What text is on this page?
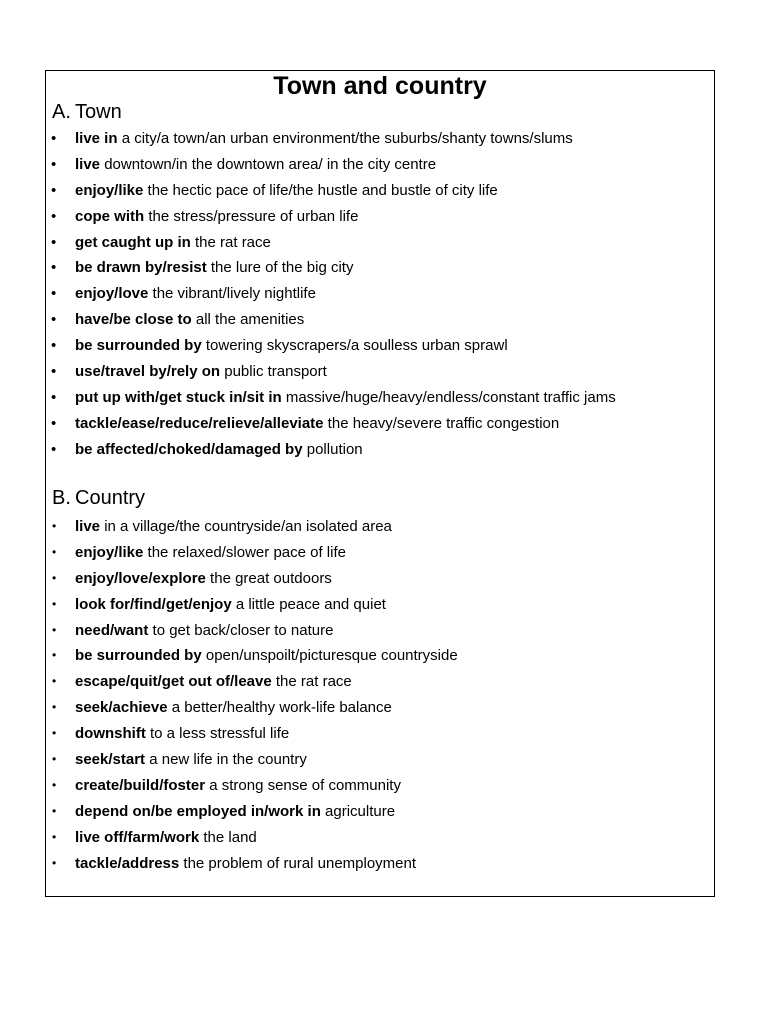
Town and country
A. Town
• live in a city/a town/an urban environment/the suburbs/shanty towns/slums
• live downtown/in the downtown area/ in the city centre
• enjoy/like the hectic pace of life/the hustle and bustle of city life
• cope with the stress/pressure of urban life
• get caught up in the rat race
• be drawn by/resist the lure of the big city
• enjoy/love the vibrant/lively nightlife
• have/be close to all the amenities
• be surrounded by towering skyscrapers/a soulless urban sprawl
• use/travel by/rely on public transport
• put up with/get stuck in/sit in massive/huge/heavy/endless/constant traffic jams
• tackle/ease/reduce/relieve/alleviate the heavy/severe traffic congestion
• be affected/choked/damaged by pollution
B. Country
• live in a village/the countryside/an isolated area
• enjoy/like the relaxed/slower pace of life
• enjoy/love/explore the great outdoors
• look for/find/get/enjoy a little peace and quiet
• need/want to get back/closer to nature
• be surrounded by open/unspoilt/picturesque countryside
• escape/quit/get out of/leave the rat race
• seek/achieve a better/healthy work-life balance
• downshift to a less stressful life
• seek/start a new life in the country
• create/build/foster a strong sense of community
• depend on/be employed in/work in agriculture
• live off/farm/work the land
• tackle/address the problem of rural unemployment
